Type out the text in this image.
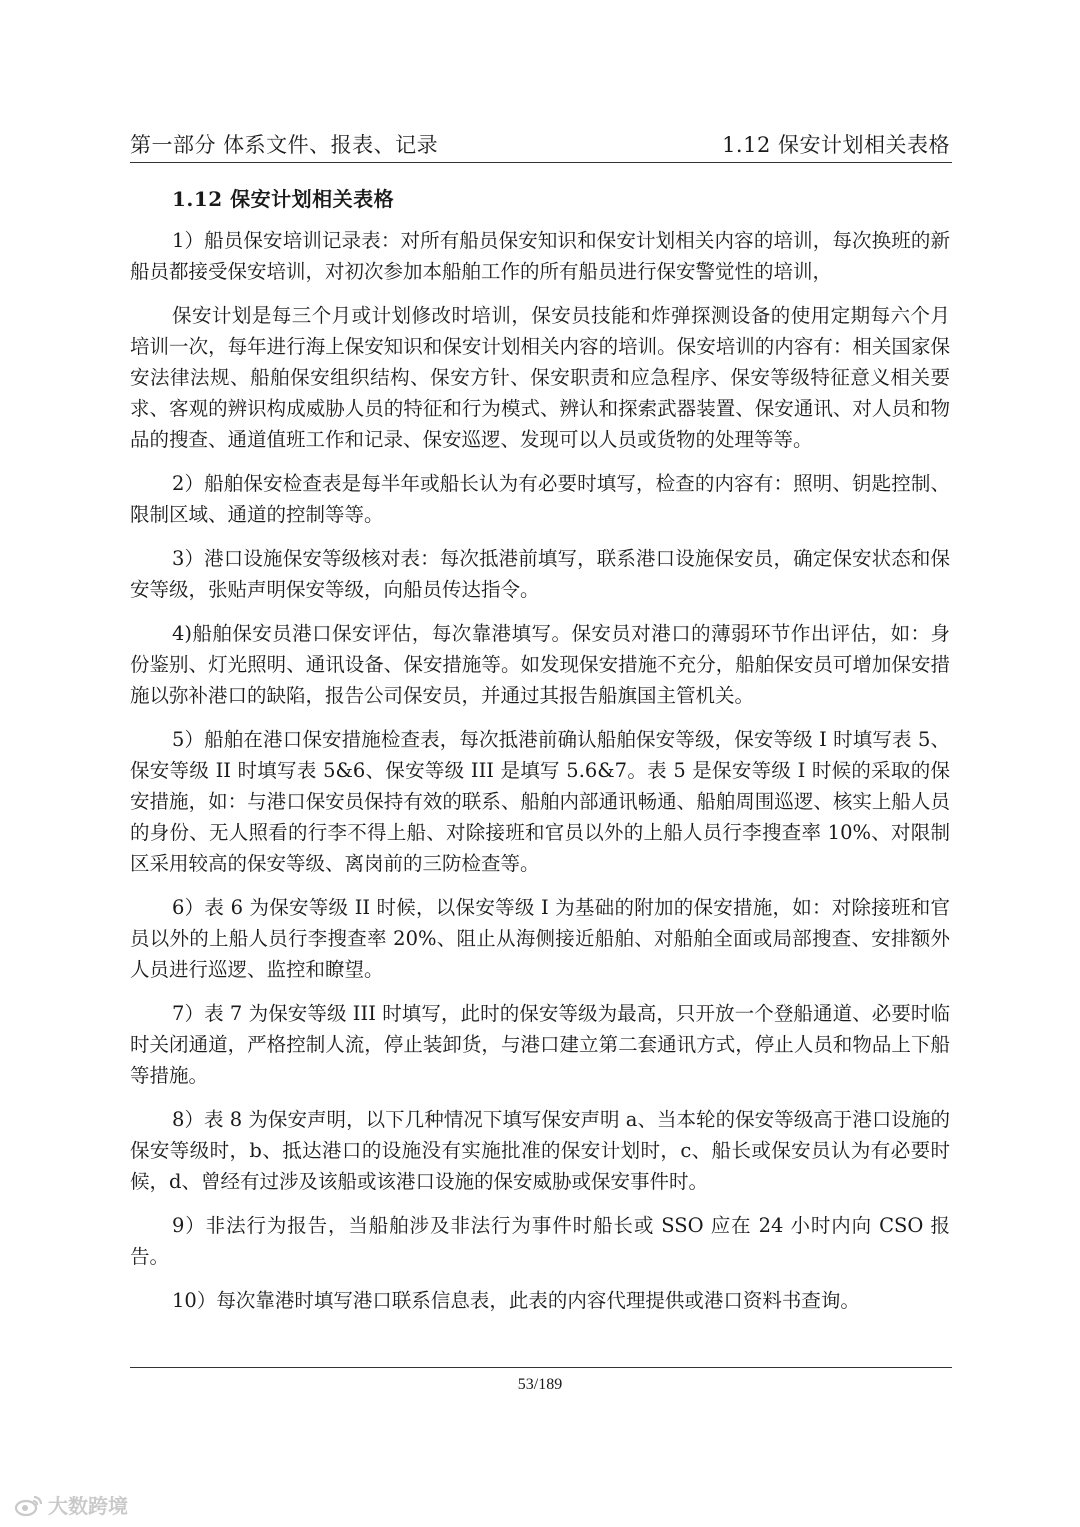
第一部分 体系文件、报表、记录	1.12 保安计划相关表格
1.12 保安计划相关表格

1）船员保安培训记录表：对所有船员保安知识和保安计划相关内容的培训，每次换班的新船员都接受保安培训，对初次参加本船舶工作的所有船员进行保安警觉性的培训，

保安计划是每三个月或计划修改时培训，保安员技能和炸弹探测设备的使用定期每六个月培训一次，每年进行海上保安知识和保安计划相关内容的培训。保安培训的内容有：相关国家保安法律法规、船舶保安组织结构、保安方针、保安职责和应急程序、保安等级特征意义相关要求、客观的辨识构成威胁人员的特征和行为模式、辨认和探索武器装置、保安通讯、对人员和物品的搜查、通道值班工作和记录、保安巡逻、发现可以人员或货物的处理等等。

2）船舶保安检查表是每半年或船长认为有必要时填写，检查的内容有：照明、钥匙控制、限制区域、通道的控制等等。

3）港口设施保安等级核对表：每次抵港前填写，联系港口设施保安员，确定保安状态和保安等级，张贴声明保安等级，向船员传达指令。

4)船舶保安员港口保安评估，每次靠港填写。保安员对港口的薄弱环节作出评估，如：身份鉴别、灯光照明、通讯设备、保安措施等。如发现保安措施不充分，船舶保安员可增加保安措施以弥补港口的缺陷，报告公司保安员，并通过其报告船旗国主管机关。

5）船舶在港口保安措施检查表，每次抵港前确认船舶保安等级，保安等级 I 时填写表 5、保安等级 II 时填写表 5&6、保安等级 III 是填写 5.6&7。表 5 是保安等级 I 时候的采取的保安措施，如：与港口保安员保持有效的联系、船舶内部通讯畅通、船舶周围巡逻、核实上船人员的身份、无人照看的行李不得上船、对除接班和官员以外的上船人员行李搜查率 10%、对限制区采用较高的保安等级、离岗前的三防检查等。

6）表 6 为保安等级 II 时候，以保安等级 I 为基础的附加的保安措施，如：对除接班和官员以外的上船人员行李搜查率 20%、阻止从海侧接近船舶、对船舶全面或局部搜查、安排额外人员进行巡逻、监控和瞭望。

7）表 7 为保安等级 III 时填写，此时的保安等级为最高，只开放一个登船通道、必要时临时关闭通道，严格控制人流，停止装卸货，与港口建立第二套通讯方式，停止人员和物品上下船等措施。

8）表 8 为保安声明，以下几种情况下填写保安声明 a、当本轮的保安等级高于港口设施的保安等级时，b、抵达港口的设施没有实施批准的保安计划时，c、船长或保安员认为有必要时候，d、曾经有过涉及该船或该港口设施的保安威胁或保安事件时。

9）非法行为报告，当船舶涉及非法行为事件时船长或 SSO 应在 24 小时内向 CSO 报告。

10）每次靠港时填写港口联系信息表，此表的内容代理提供或港口资料书查询。

53/189
大数跨境
